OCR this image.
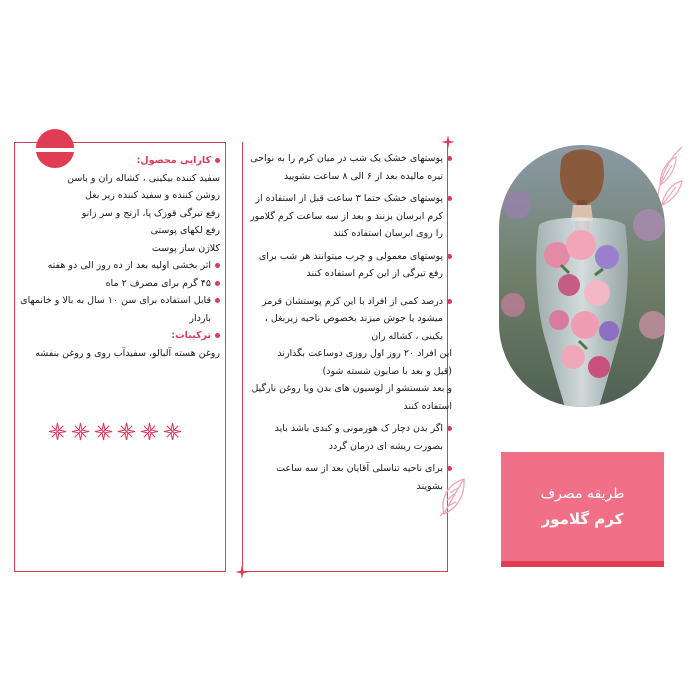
کارایی محصول:
سفید کننده بیکینی ، کشاله ران و باسن
روشن کننده و سفید کننده زیر بغل
رفع تیرگی قوزک پا، ارنج و سر زانو
رفع لکهای پوستی
کلاژن ساز پوست
اثر بخشی اولیه بعد از ده روز الی دو هفته
۴۵ گرم برای مصرف ۲ ماه
قابل استفاده برای سن ۱۰ سال به بالا و خانمهای باردار
ترکیبات:
روغن هسته آلبالو، سفیدآب روی و روغن بنفشه
پوستهای خشک یک شب در میان کرم را به نواحی تیره مالیده بعد از ۶ الی ۸ ساعت بشویید
پوستهای خشک حتما ۳ ساعت قبل از استفاده از کرم ابرسان بزنند و بعد از سه ساعت کرم گلامور را روی ابرسان استفاده کنند
پوستهای معمولی و چرب میتوانند هر شب برای رفع تیرگی از این کرم استفاده کنند
درصد کمی از افراد با این کرم پوستشان قرمز میشود یا جوش میزند بخصوص ناحیه زیربغل ، بکینی ، کشاله ران
این افراد ۲۰ روز اول روزی دوساعت بگذارند
(قبل و بعد با صابون شسته شود)
و بعد شستشو از لوسیون های بدن ویا روغن نارگیل استفاده کنند
اگر بدن دچار ک هورمونی و کبدی باشد باید بصورت ریشه ای درمان گردد
برای ناحیه تناسلی آقایان بعد از سه ساعت بشویند	طریقه مصرف
کرم گلامور
